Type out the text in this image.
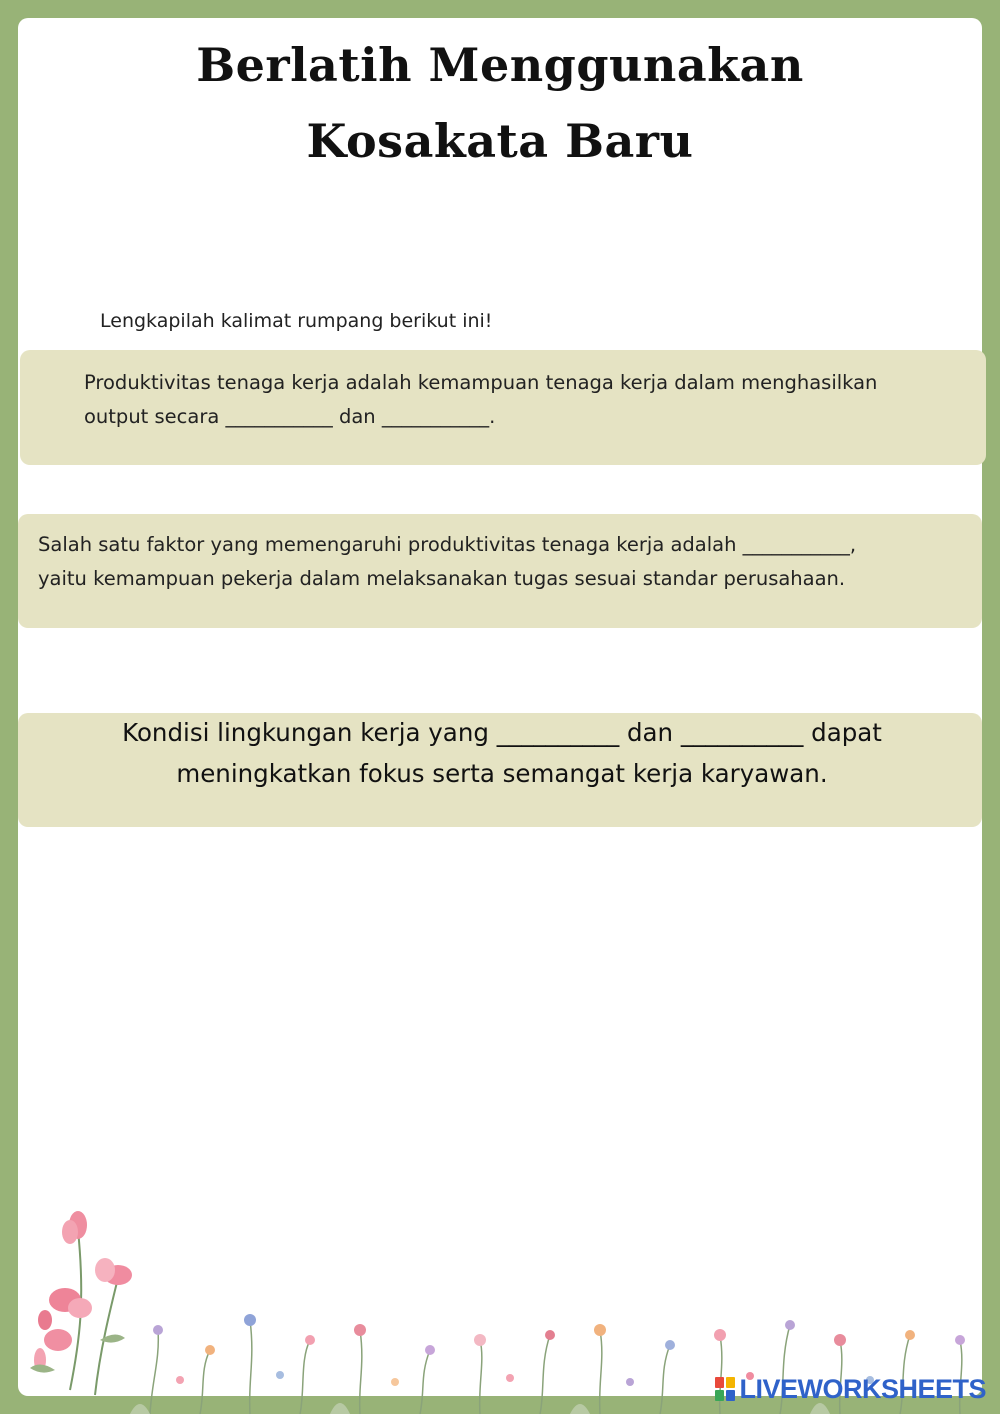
Berlatih Menggunakan
Kosakata Baru
Lengkapilah kalimat rumpang berikut ini!
Produktivitas tenaga kerja adalah kemampuan tenaga kerja dalam menghasilkan
output secara ___________ dan ___________.
Salah satu faktor yang memengaruhi produktivitas tenaga kerja adalah ___________,
yaitu kemampuan pekerja dalam melaksanakan tugas sesuai standar perusahaan.
Kondisi lingkungan kerja yang __________ dan __________ dapat
meningkatkan fokus serta semangat kerja karyawan.
LIVEWORKSHEETS
